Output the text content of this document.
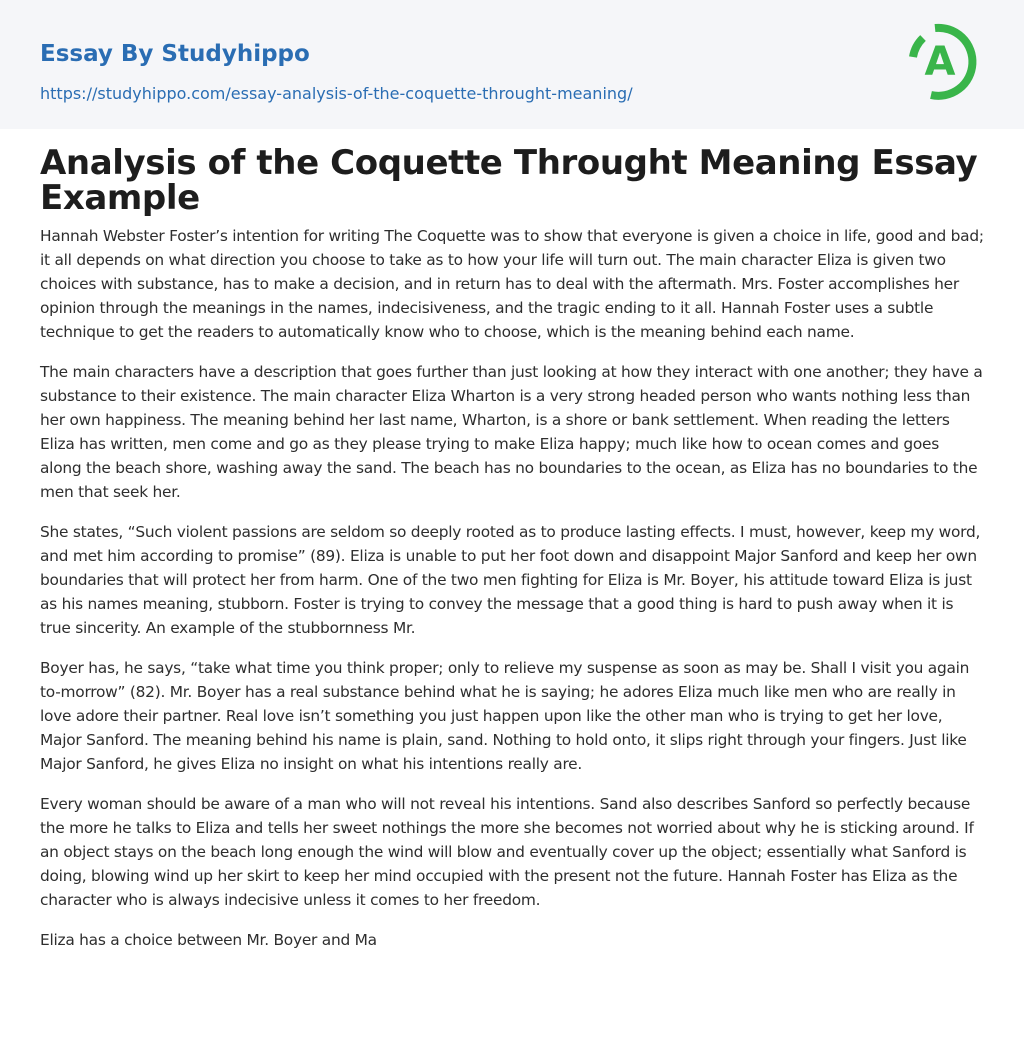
Essay By Studyhippo
https://studyhippo.com/essay-analysis-of-the-coquette-throught-meaning/
A
Analysis of the Coquette Throught Meaning Essay Example

Hannah Webster Foster’s intention for writing The Coquette was to show that everyone is given a choice in life, good and bad; it all depends on what direction you choose to take as to how your life will turn out. The main character Eliza is given two choices with substance, has to make a decision, and in return has to deal with the aftermath. Mrs. Foster accomplishes her opinion through the meanings in the names, indecisiveness, and the tragic ending to it all. Hannah Foster uses a subtle technique to get the readers to automatically know who to choose, which is the meaning behind each name.

The main characters have a description that goes further than just looking at how they interact with one another; they have a substance to their existence. The main character Eliza Wharton is a very strong headed person who wants nothing less than her own happiness. The meaning behind her last name, Wharton, is a shore or bank settlement. When reading the letters Eliza has written, men come and go as they please trying to make Eliza happy; much like how to ocean comes and goes along the beach shore, washing away the sand. The beach has no boundaries to the ocean, as Eliza has no boundaries to the men that seek her.

She states, “Such violent passions are seldom so deeply rooted as to produce lasting effects. I must, however, keep my word, and met him according to promise” (89). Eliza is unable to put her foot down and disappoint Major Sanford and keep her own boundaries that will protect her from harm. One of the two men fighting for Eliza is Mr. Boyer, his attitude toward Eliza is just as his names meaning, stubborn. Foster is trying to convey the message that a good thing is hard to push away when it is true sincerity. An example of the stubbornness Mr.

Boyer has, he says, “take what time you think proper; only to relieve my suspense as soon as may be. Shall I visit you again to-morrow” (82). Mr. Boyer has a real substance behind what he is saying; he adores Eliza much like men who are really in love adore their partner. Real love isn’t something you just happen upon like the other man who is trying to get her love, Major Sanford. The meaning behind his name is plain, sand. Nothing to hold onto, it slips right through your fingers. Just like Major Sanford, he gives Eliza no insight on what his intentions really are.

Every woman should be aware of a man who will not reveal his intentions. Sand also describes Sanford so perfectly because the more he talks to Eliza and tells her sweet nothings the more she becomes not worried about why he is sticking around. If an object stays on the beach long enough the wind will blow and eventually cover up the object; essentially what Sanford is doing, blowing wind up her skirt to keep her mind occupied with the present not the future. Hannah Foster has Eliza as the character who is always indecisive unless it comes to her freedom.

Eliza has a choice between Mr. Boyer and Ma
